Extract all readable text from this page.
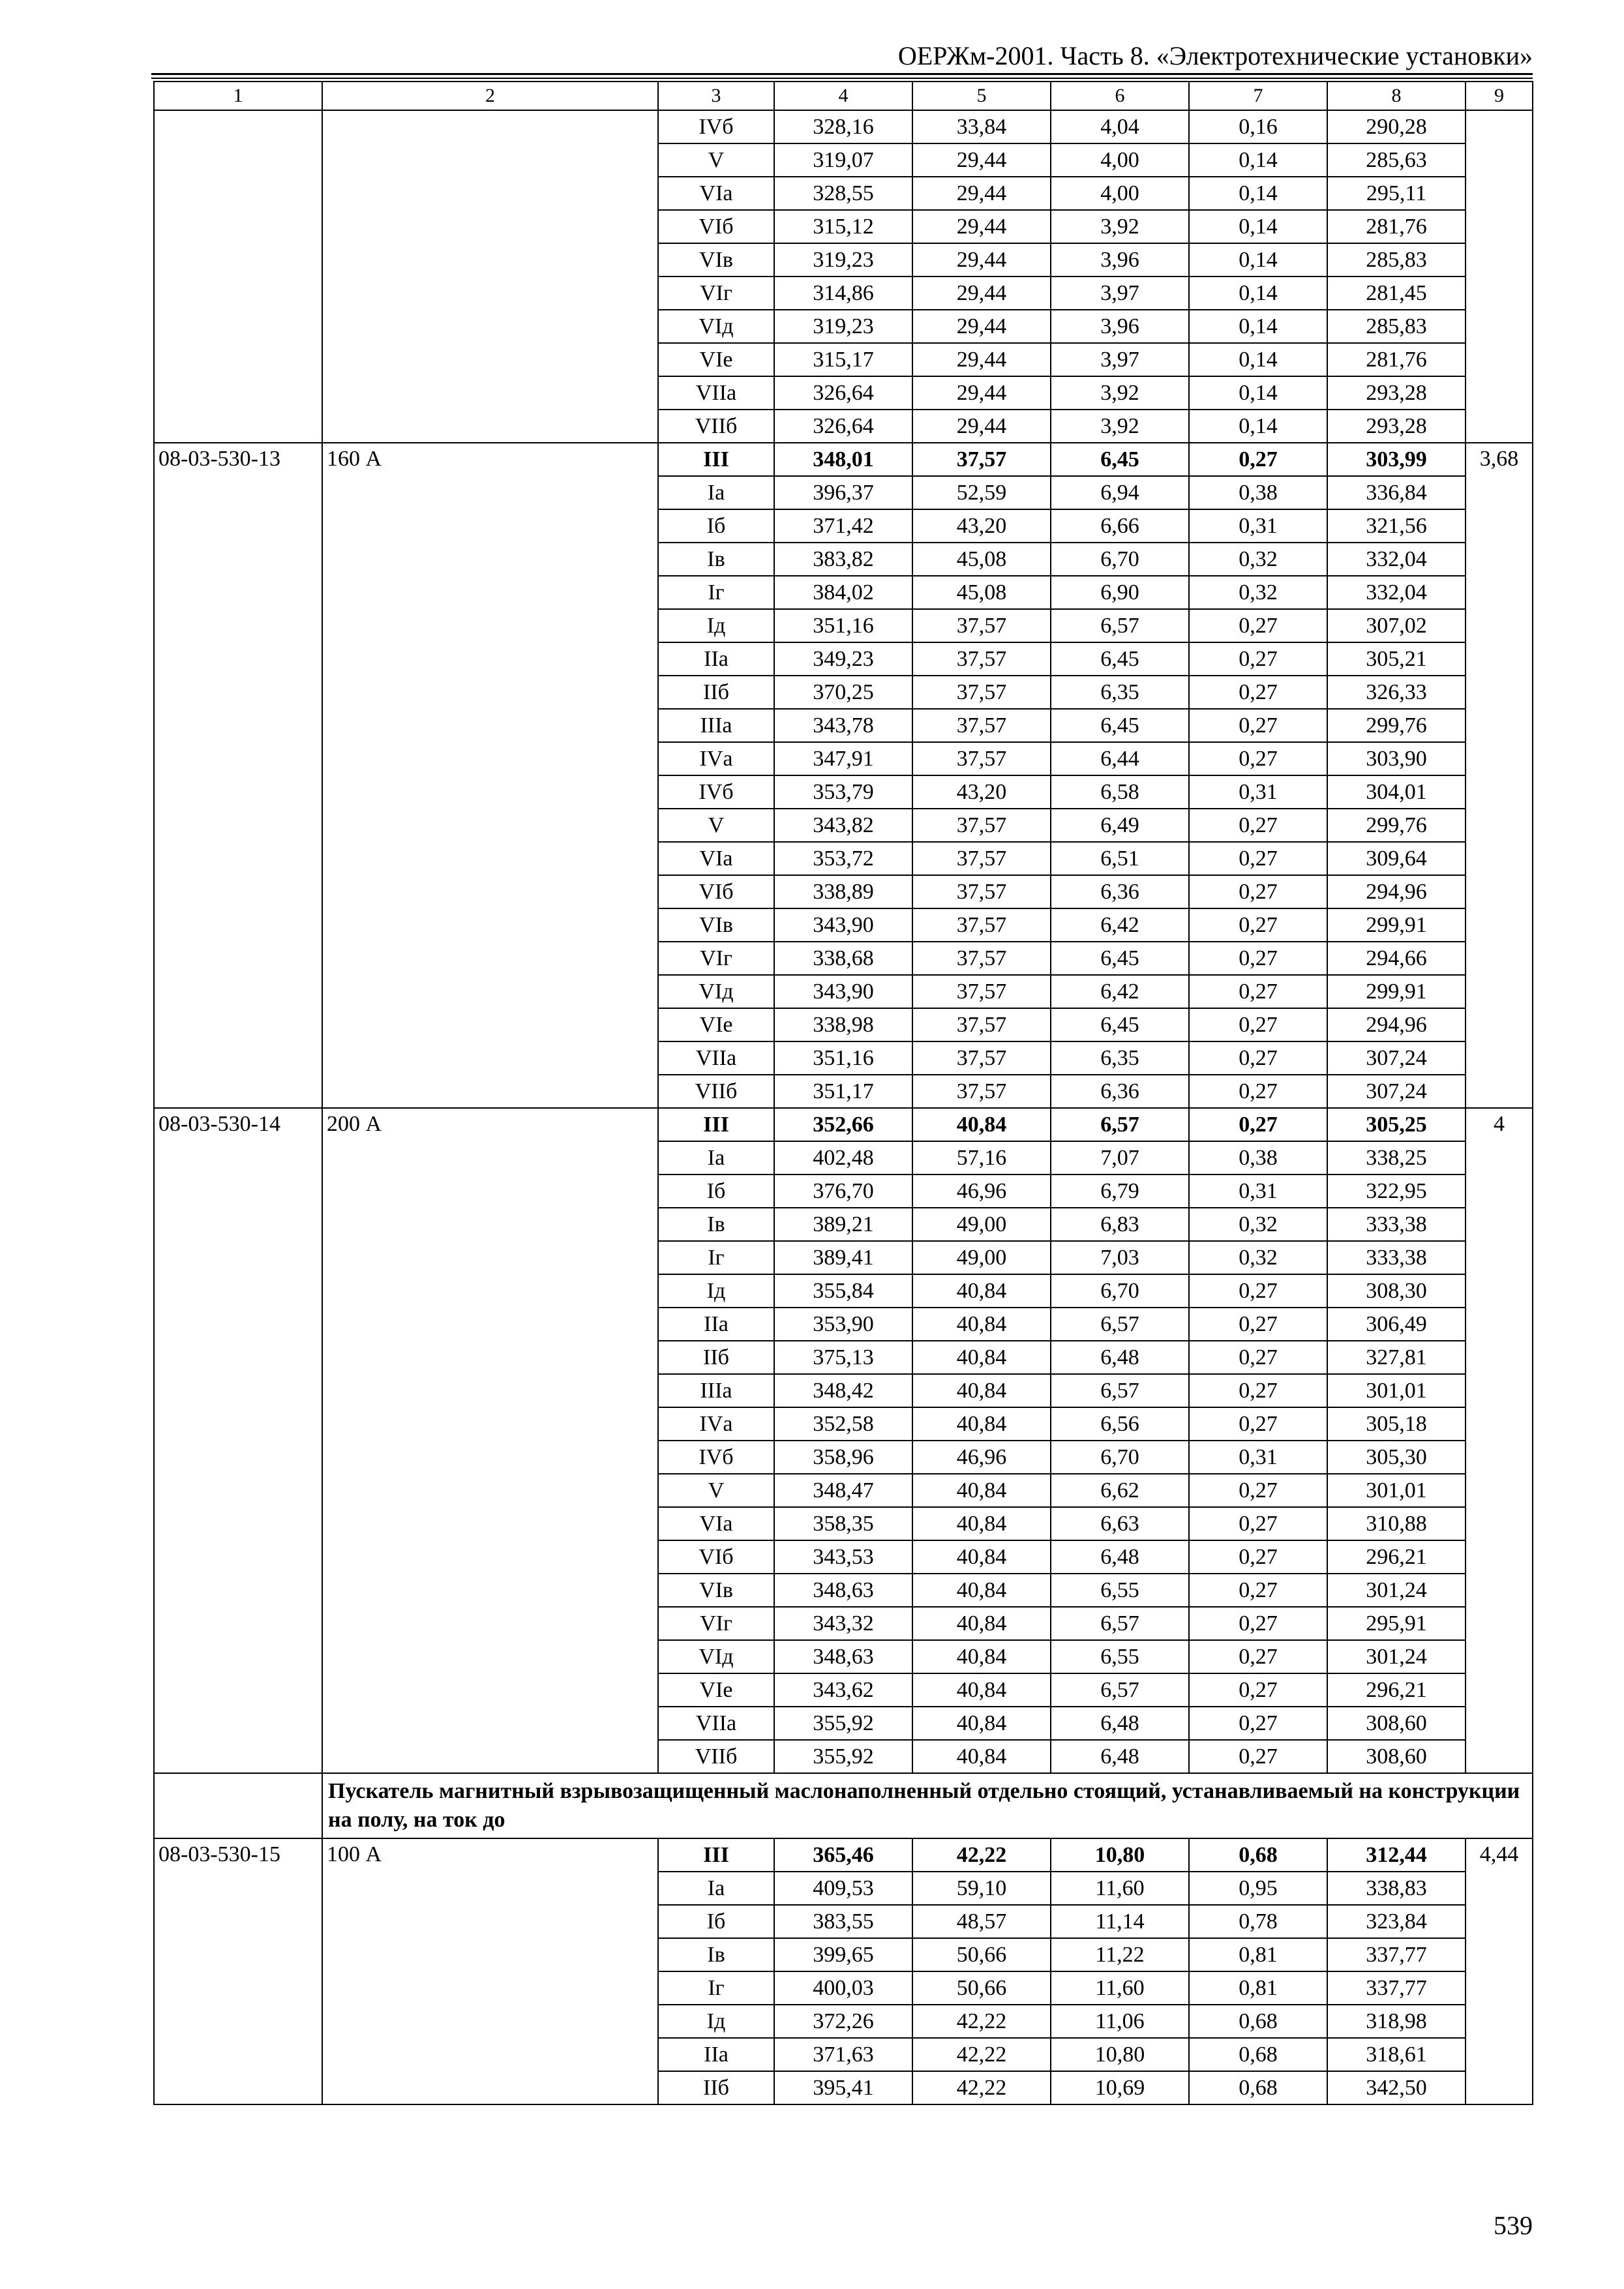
ОЕРЖм-2001. Часть 8. «Электротехнические установки»
1	2	3	4	5	6	7	8	9
		IVб	328,16	33,84	4,04	0,16	290,28	
		V	319,07	29,44	4,00	0,14	285,63	
		VIа	328,55	29,44	4,00	0,14	295,11	
		VIб	315,12	29,44	3,92	0,14	281,76	
		VIв	319,23	29,44	3,96	0,14	285,83	
		VIг	314,86	29,44	3,97	0,14	281,45	
		VIд	319,23	29,44	3,96	0,14	285,83	
		VIе	315,17	29,44	3,97	0,14	281,76	
		VIIа	326,64	29,44	3,92	0,14	293,28	
		VIIб	326,64	29,44	3,92	0,14	293,28	
08-03-530-13	160 А	III	348,01	37,57	6,45	0,27	303,99	3,68
		Iа	396,37	52,59	6,94	0,38	336,84	
		Iб	371,42	43,20	6,66	0,31	321,56	
		Iв	383,82	45,08	6,70	0,32	332,04	
		Iг	384,02	45,08	6,90	0,32	332,04	
		Iд	351,16	37,57	6,57	0,27	307,02	
		IIа	349,23	37,57	6,45	0,27	305,21	
		IIб	370,25	37,57	6,35	0,27	326,33	
		IIIа	343,78	37,57	6,45	0,27	299,76	
		IVа	347,91	37,57	6,44	0,27	303,90	
		IVб	353,79	43,20	6,58	0,31	304,01	
		V	343,82	37,57	6,49	0,27	299,76	
		VIа	353,72	37,57	6,51	0,27	309,64	
		VIб	338,89	37,57	6,36	0,27	294,96	
		VIв	343,90	37,57	6,42	0,27	299,91	
		VIг	338,68	37,57	6,45	0,27	294,66	
		VIд	343,90	37,57	6,42	0,27	299,91	
		VIе	338,98	37,57	6,45	0,27	294,96	
		VIIа	351,16	37,57	6,35	0,27	307,24	
		VIIб	351,17	37,57	6,36	0,27	307,24	
08-03-530-14	200 А	III	352,66	40,84	6,57	0,27	305,25	4
		Iа	402,48	57,16	7,07	0,38	338,25	
		Iб	376,70	46,96	6,79	0,31	322,95	
		Iв	389,21	49,00	6,83	0,32	333,38	
		Iг	389,41	49,00	7,03	0,32	333,38	
		Iд	355,84	40,84	6,70	0,27	308,30	
		IIа	353,90	40,84	6,57	0,27	306,49	
		IIб	375,13	40,84	6,48	0,27	327,81	
		IIIа	348,42	40,84	6,57	0,27	301,01	
		IVа	352,58	40,84	6,56	0,27	305,18	
		IVб	358,96	46,96	6,70	0,31	305,30	
		V	348,47	40,84	6,62	0,27	301,01	
		VIа	358,35	40,84	6,63	0,27	310,88	
		VIб	343,53	40,84	6,48	0,27	296,21	
		VIв	348,63	40,84	6,55	0,27	301,24	
		VIг	343,32	40,84	6,57	0,27	295,91	
		VIд	348,63	40,84	6,55	0,27	301,24	
		VIе	343,62	40,84	6,57	0,27	296,21	
		VIIа	355,92	40,84	6,48	0,27	308,60	
		VIIб	355,92	40,84	6,48	0,27	308,60	
	Пускатель магнитный взрывозащищенный маслонаполненный отдельно стоящий, устанавливаемый на конструкции на полу, на ток до							
08-03-530-15	100 А	III	365,46	42,22	10,80	0,68	312,44	4,44
		Iа	409,53	59,10	11,60	0,95	338,83	
		Iб	383,55	48,57	11,14	0,78	323,84	
		Iв	399,65	50,66	11,22	0,81	337,77	
		Iг	400,03	50,66	11,60	0,81	337,77	
		Iд	372,26	42,22	11,06	0,68	318,98	
		IIа	371,63	42,22	10,80	0,68	318,61	
		IIб	395,41	42,22	10,69	0,68	342,50	
539
